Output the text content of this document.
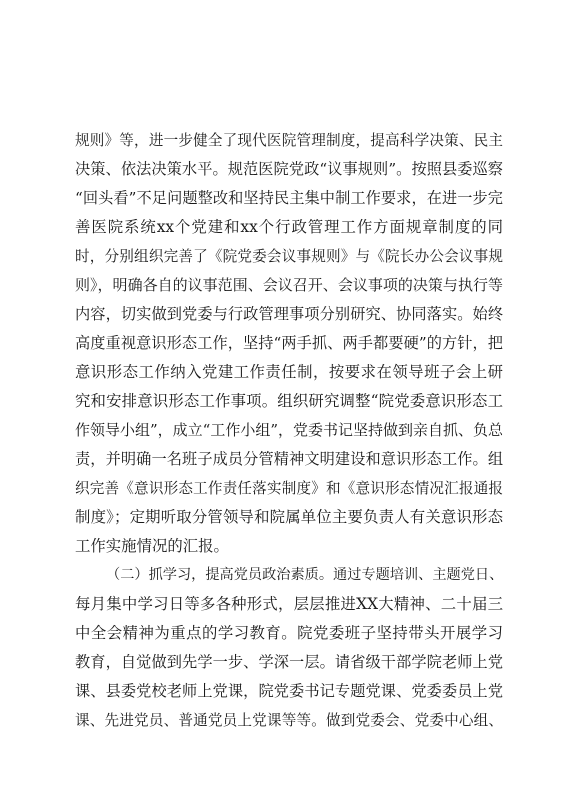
规则》等，进一步健全了现代医院管理制度，提高科学决策、民主
决策、依法决策水平。规范医院党政“议事规则”。按照县委巡察
“回头看”不足问题整改和坚持民主集中制工作要求，在进一步完
善医院系统xx个党建和xx个行政管理工作方面规章制度的同
时，分别组织完善了《院党委会议事规则》与《院长办公会议事规
则》，明确各自的议事范围、会议召开、会议事项的决策与执行等
内容，切实做到党委与行政管理事项分别研究、协同落实。始终
高度重视意识形态工作，坚持“两手抓、两手都要硬”的方针，把
意识形态工作纳入党建工作责任制，按要求在领导班子会上研
究和安排意识形态工作事项。组织研究调整“院党委意识形态工
作领导小组”，成立“工作小组”，党委书记坚持做到亲自抓、负总
责，并明确一名班子成员分管精神文明建设和意识形态工作。组
织完善《意识形态工作责任落实制度》和《意识形态情况汇报通报
制度》；定期听取分管领导和院属单位主要负责人有关意识形态
工作实施情况的汇报。
（二）抓学习，提高党员政治素质。通过专题培训、主题党日、
每月集中学习日等多各种形式，层层推进XX大精神、二十届三
中全会精神为重点的学习教育。院党委班子坚持带头开展学习
教育，自觉做到先学一步、学深一层。请省级干部学院老师上党
课、县委党校老师上党课，院党委书记专题党课、党委委员上党
课、先进党员、普通党员上党课等等。做到党委会、党委中心组、
